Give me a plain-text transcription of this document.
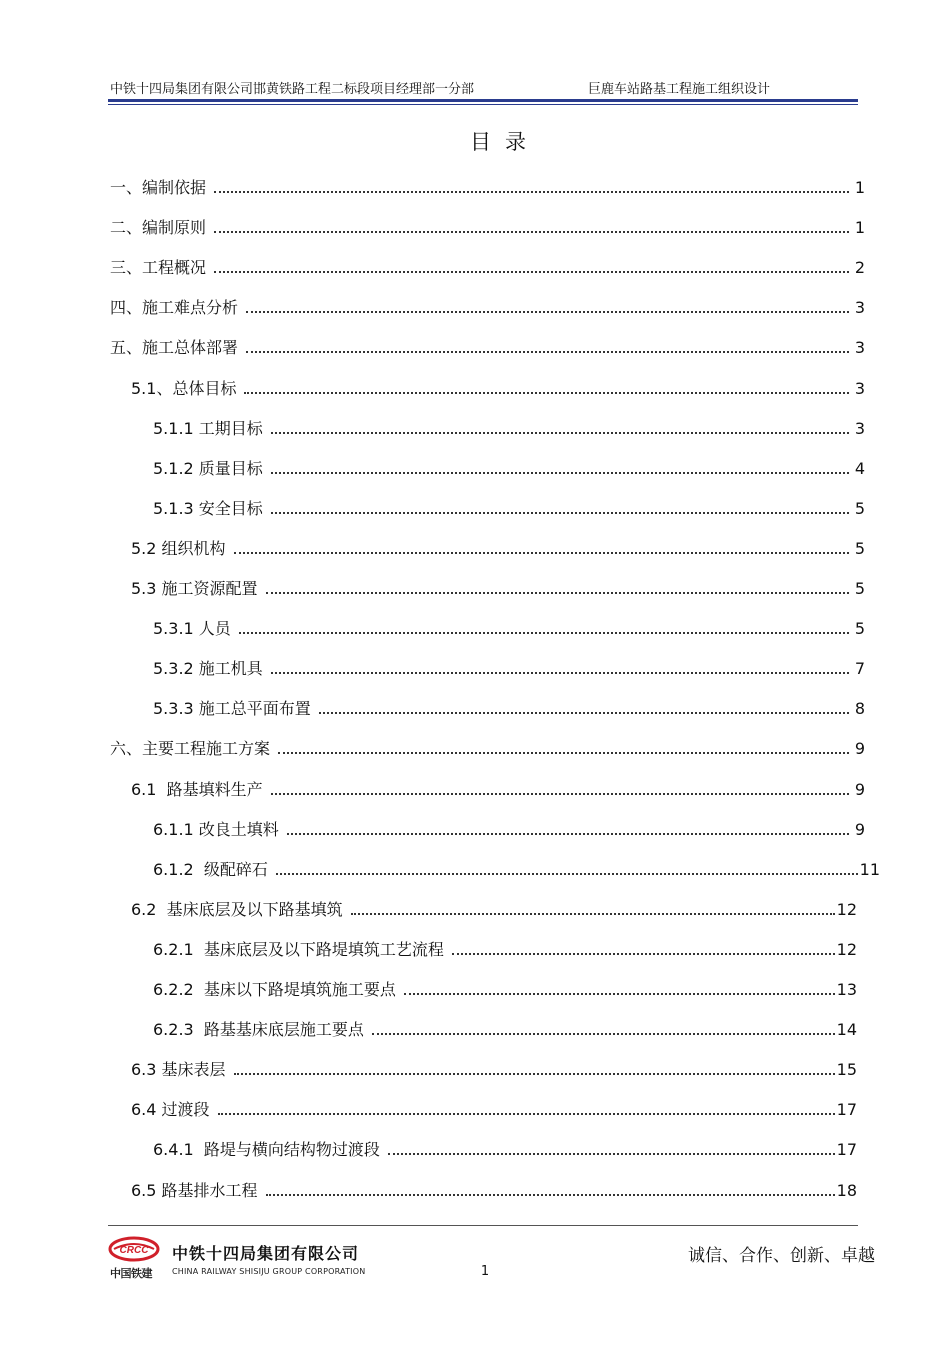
中铁十四局集团有限公司邯黄铁路工程二标段项目经理部一分部	巨鹿车站路基工程施工组织设计
目录
一、编制依据	1
二、编制原则	1
三、工程概况	2
四、施工难点分析	3
五、施工总体部署	3
5.1、总体目标	3
5.1.1 工期目标	3
5.1.2 质量目标	4
5.1.3 安全目标	5
5.2 组织机构	5
5.3 施工资源配置	5
5.3.1 人员	5
5.3.2 施工机具	7
5.3.3 施工总平面布置	8
六、主要工程施工方案	9
6.1  路基填料生产	9
6.1.1 改良土填料	9
6.1.2  级配碎石	11
6.2  基床底层及以下路基填筑	12
6.2.1  基床底层及以下路堤填筑工艺流程	12
6.2.2  基床以下路堤填筑施工要点	13
6.2.3  路基基床底层施工要点	14
6.3 基床表层	15
6.4 过渡段	17
6.4.1  路堤与横向结构物过渡段	17
6.5 路基排水工程	18
CRCC
中国铁建
中铁十四局集团有限公司
CHINA RAILWAY SHISIJU GROUP CORPORATION
诚信、合作、创新、卓越
1
